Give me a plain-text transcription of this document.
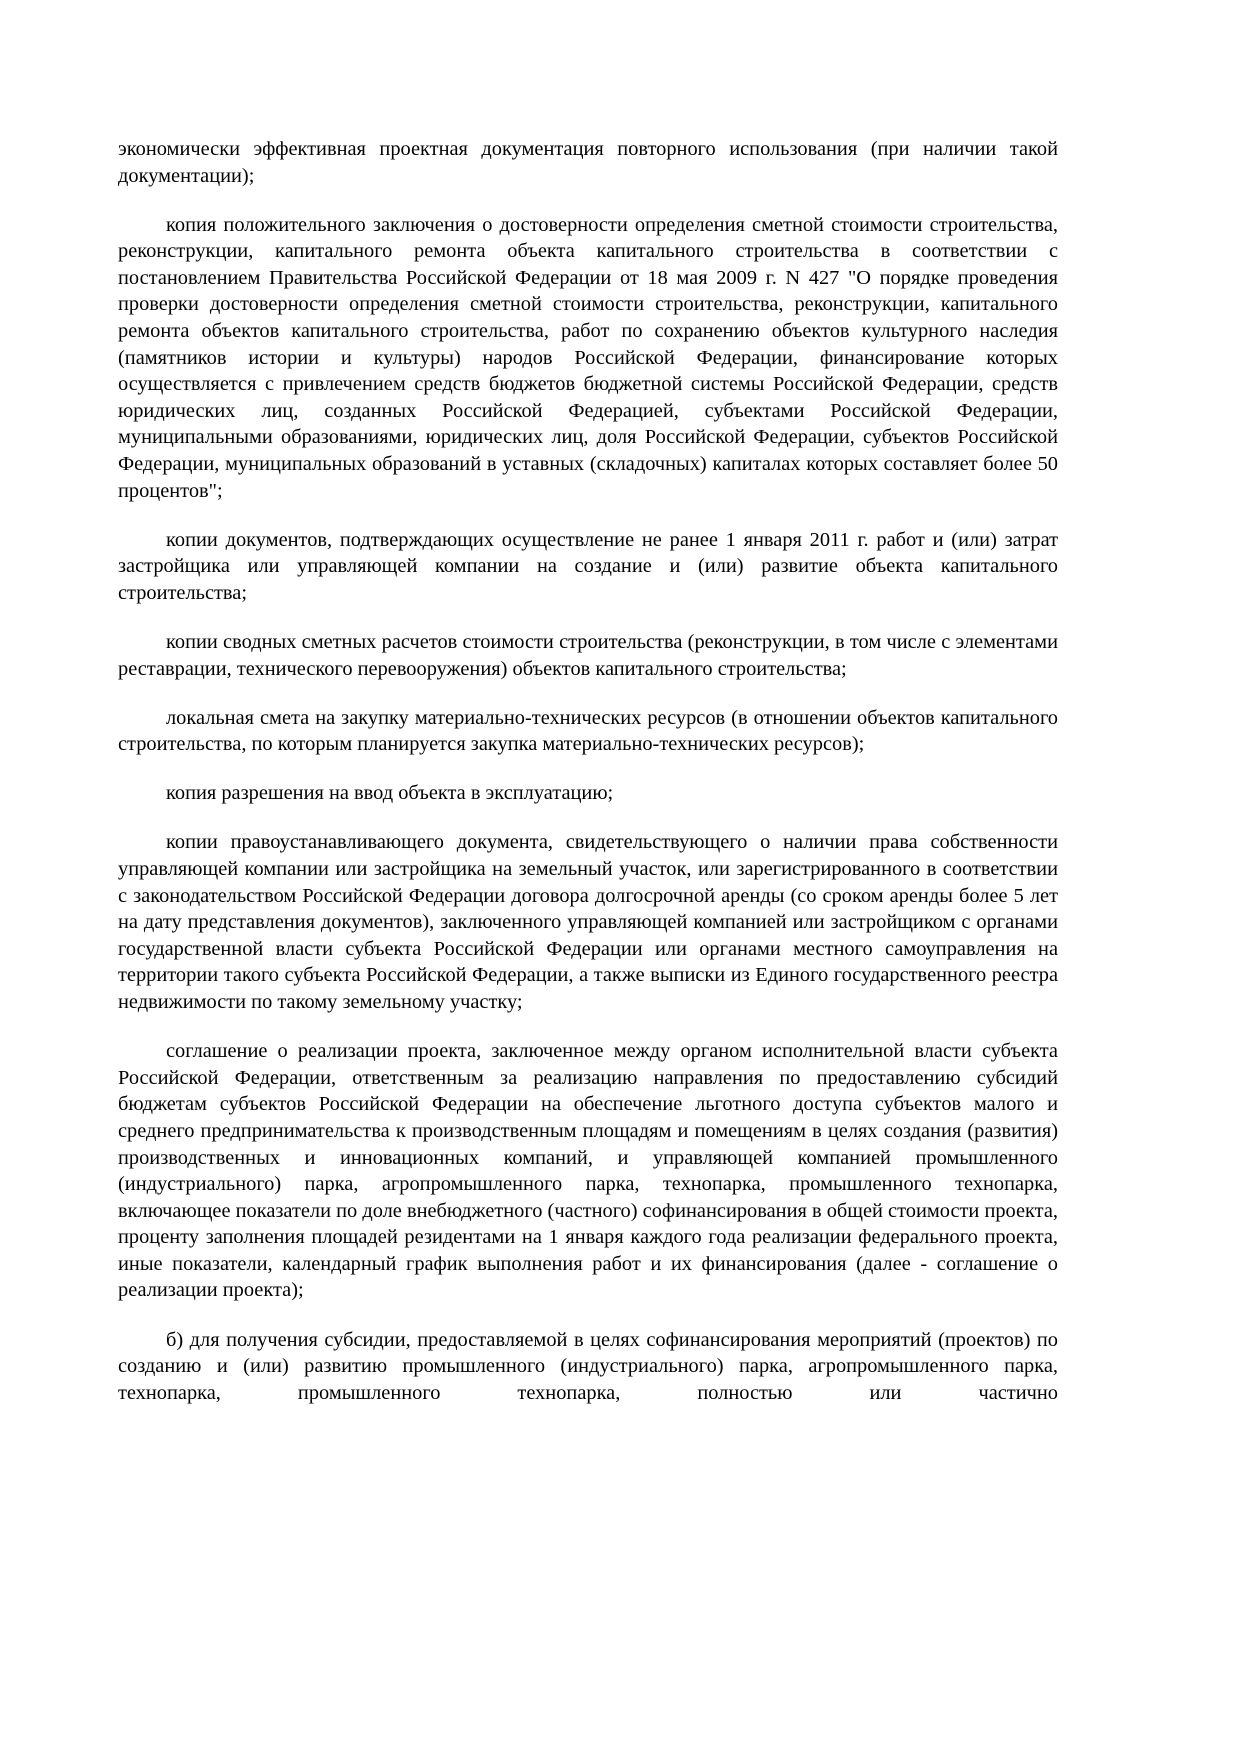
экономически эффективная проектная документация повторного использования (при наличии такой документации);

копия положительного заключения о достоверности определения сметной стоимости строительства, реконструкции, капитального ремонта объекта капитального строительства в соответствии с постановлением Правительства Российской Федерации от 18 мая 2009 г. N 427 "О порядке проведения проверки достоверности определения сметной стоимости строительства, реконструкции, капитального ремонта объектов капитального строительства, работ по сохранению объектов культурного наследия (памятников истории и культуры) народов Российской Федерации, финансирование которых осуществляется с привлечением средств бюджетов бюджетной системы Российской Федерации, средств юридических лиц, созданных Российской Федерацией, субъектами Российской Федерации, муниципальными образованиями, юридических лиц, доля Российской Федерации, субъектов Российской Федерации, муниципальных образований в уставных (складочных) капиталах которых составляет более 50 процентов";

копии документов, подтверждающих осуществление не ранее 1 января 2011 г. работ и (или) затрат застройщика или управляющей компании на создание и (или) развитие объекта капитального строительства;

копии сводных сметных расчетов стоимости строительства (реконструкции, в том числе с элементами реставрации, технического перевооружения) объектов капитального строительства;

локальная смета на закупку материально-технических ресурсов (в отношении объектов капитального строительства, по которым планируется закупка материально-технических ресурсов);

копия разрешения на ввод объекта в эксплуатацию;

копии правоустанавливающего документа, свидетельствующего о наличии права собственности управляющей компании или застройщика на земельный участок, или зарегистрированного в соответствии с законодательством Российской Федерации договора долгосрочной аренды (со сроком аренды более 5 лет на дату представления документов), заключенного управляющей компанией или застройщиком с органами государственной власти субъекта Российской Федерации или органами местного самоуправления на территории такого субъекта Российской Федерации, а также выписки из Единого государственного реестра недвижимости по такому земельному участку;

соглашение о реализации проекта, заключенное между органом исполнительной власти субъекта Российской Федерации, ответственным за реализацию направления по предоставлению субсидий бюджетам субъектов Российской Федерации на обеспечение льготного доступа субъектов малого и среднего предпринимательства к производственным площадям и помещениям в целях создания (развития) производственных и инновационных компаний, и управляющей компанией промышленного (индустриального) парка, агропромышленного парка, технопарка, промышленного технопарка, включающее показатели по доле внебюджетного (частного) софинансирования в общей стоимости проекта, проценту заполнения площадей резидентами на 1 января каждого года реализации федерального проекта, иные показатели, календарный график выполнения работ и их финансирования (далее - соглашение о реализации проекта);

б) для получения субсидии, предоставляемой в целях софинансирования мероприятий (проектов) по созданию и (или) развитию промышленного (индустриального) парка, агропромышленного парка, технопарка, промышленного технопарка, полностью или частично
